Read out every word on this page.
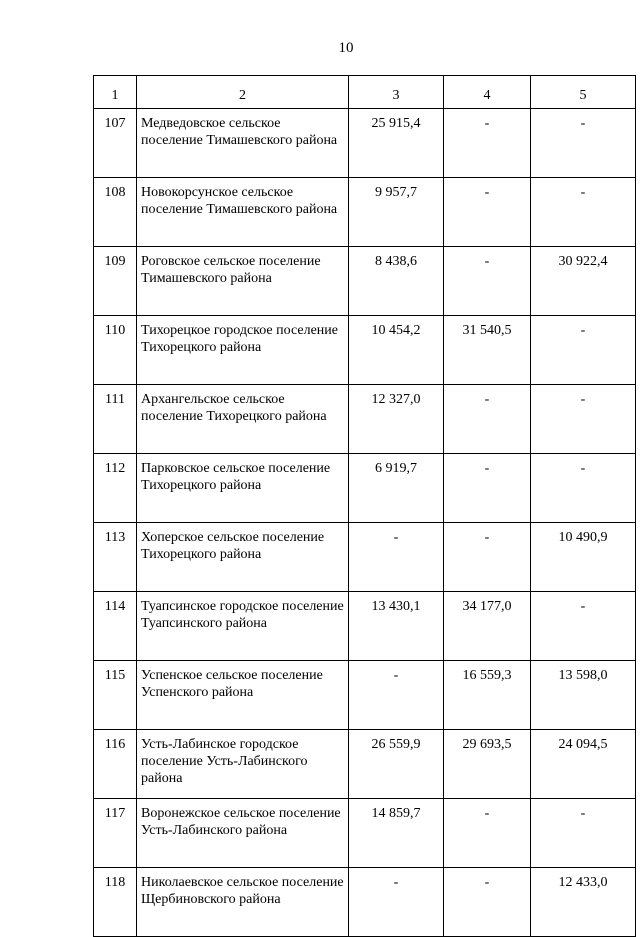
10
1	2	3	4	5
107	Медведовское сельское поселение Тимашевского района	25 915,4	-	-
108	Новокорсунское сельское поселение Тимашевского района	9 957,7	-	-
109	Роговское сельское поселение Тимашевского района	8 438,6	-	30 922,4
110	Тихорецкое городское поселение Тихорецкого района	10 454,2	31 540,5	-
111	Архангельское сельское поселение Тихорецкого района	12 327,0	-	-
112	Парковское сельское поселение Тихорецкого района	6 919,7	-	-
113	Хоперское сельское поселение Тихорецкого района	-	-	10 490,9
114	Туапсинское городское поселение Туапсинского района	13 430,1	34 177,0	-
115	Успенское сельское поселение Успенского района	-	16 559,3	13 598,0
116	Усть-Лабинское городское поселение Усть-Лабинского района	26 559,9	29 693,5	24 094,5
117	Воронежское сельское поселение Усть-Лабинского района	14 859,7	-	-
118	Николаевское сельское поселение Щербиновского района	-	-	12 433,0
